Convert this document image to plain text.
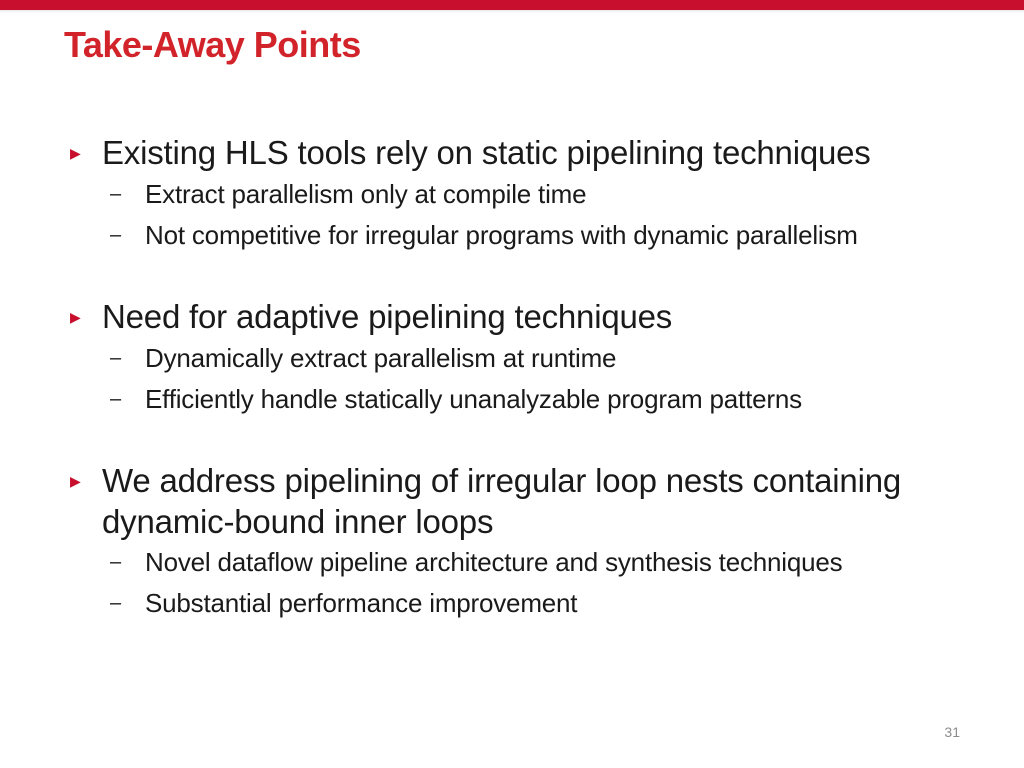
Take-Away Points
▶ Existing HLS tools rely on static pipelining techniques
– Extract parallelism only at compile time
– Not competitive for irregular programs with dynamic parallelism
▶ Need for adaptive pipelining techniques
– Dynamically extract parallelism at runtime
– Efficiently handle statically unanalyzable program patterns
▶ We address pipelining of irregular loop nests containing dynamic-bound inner loops
– Novel dataflow pipeline architecture and synthesis techniques
– Substantial performance improvement
31
